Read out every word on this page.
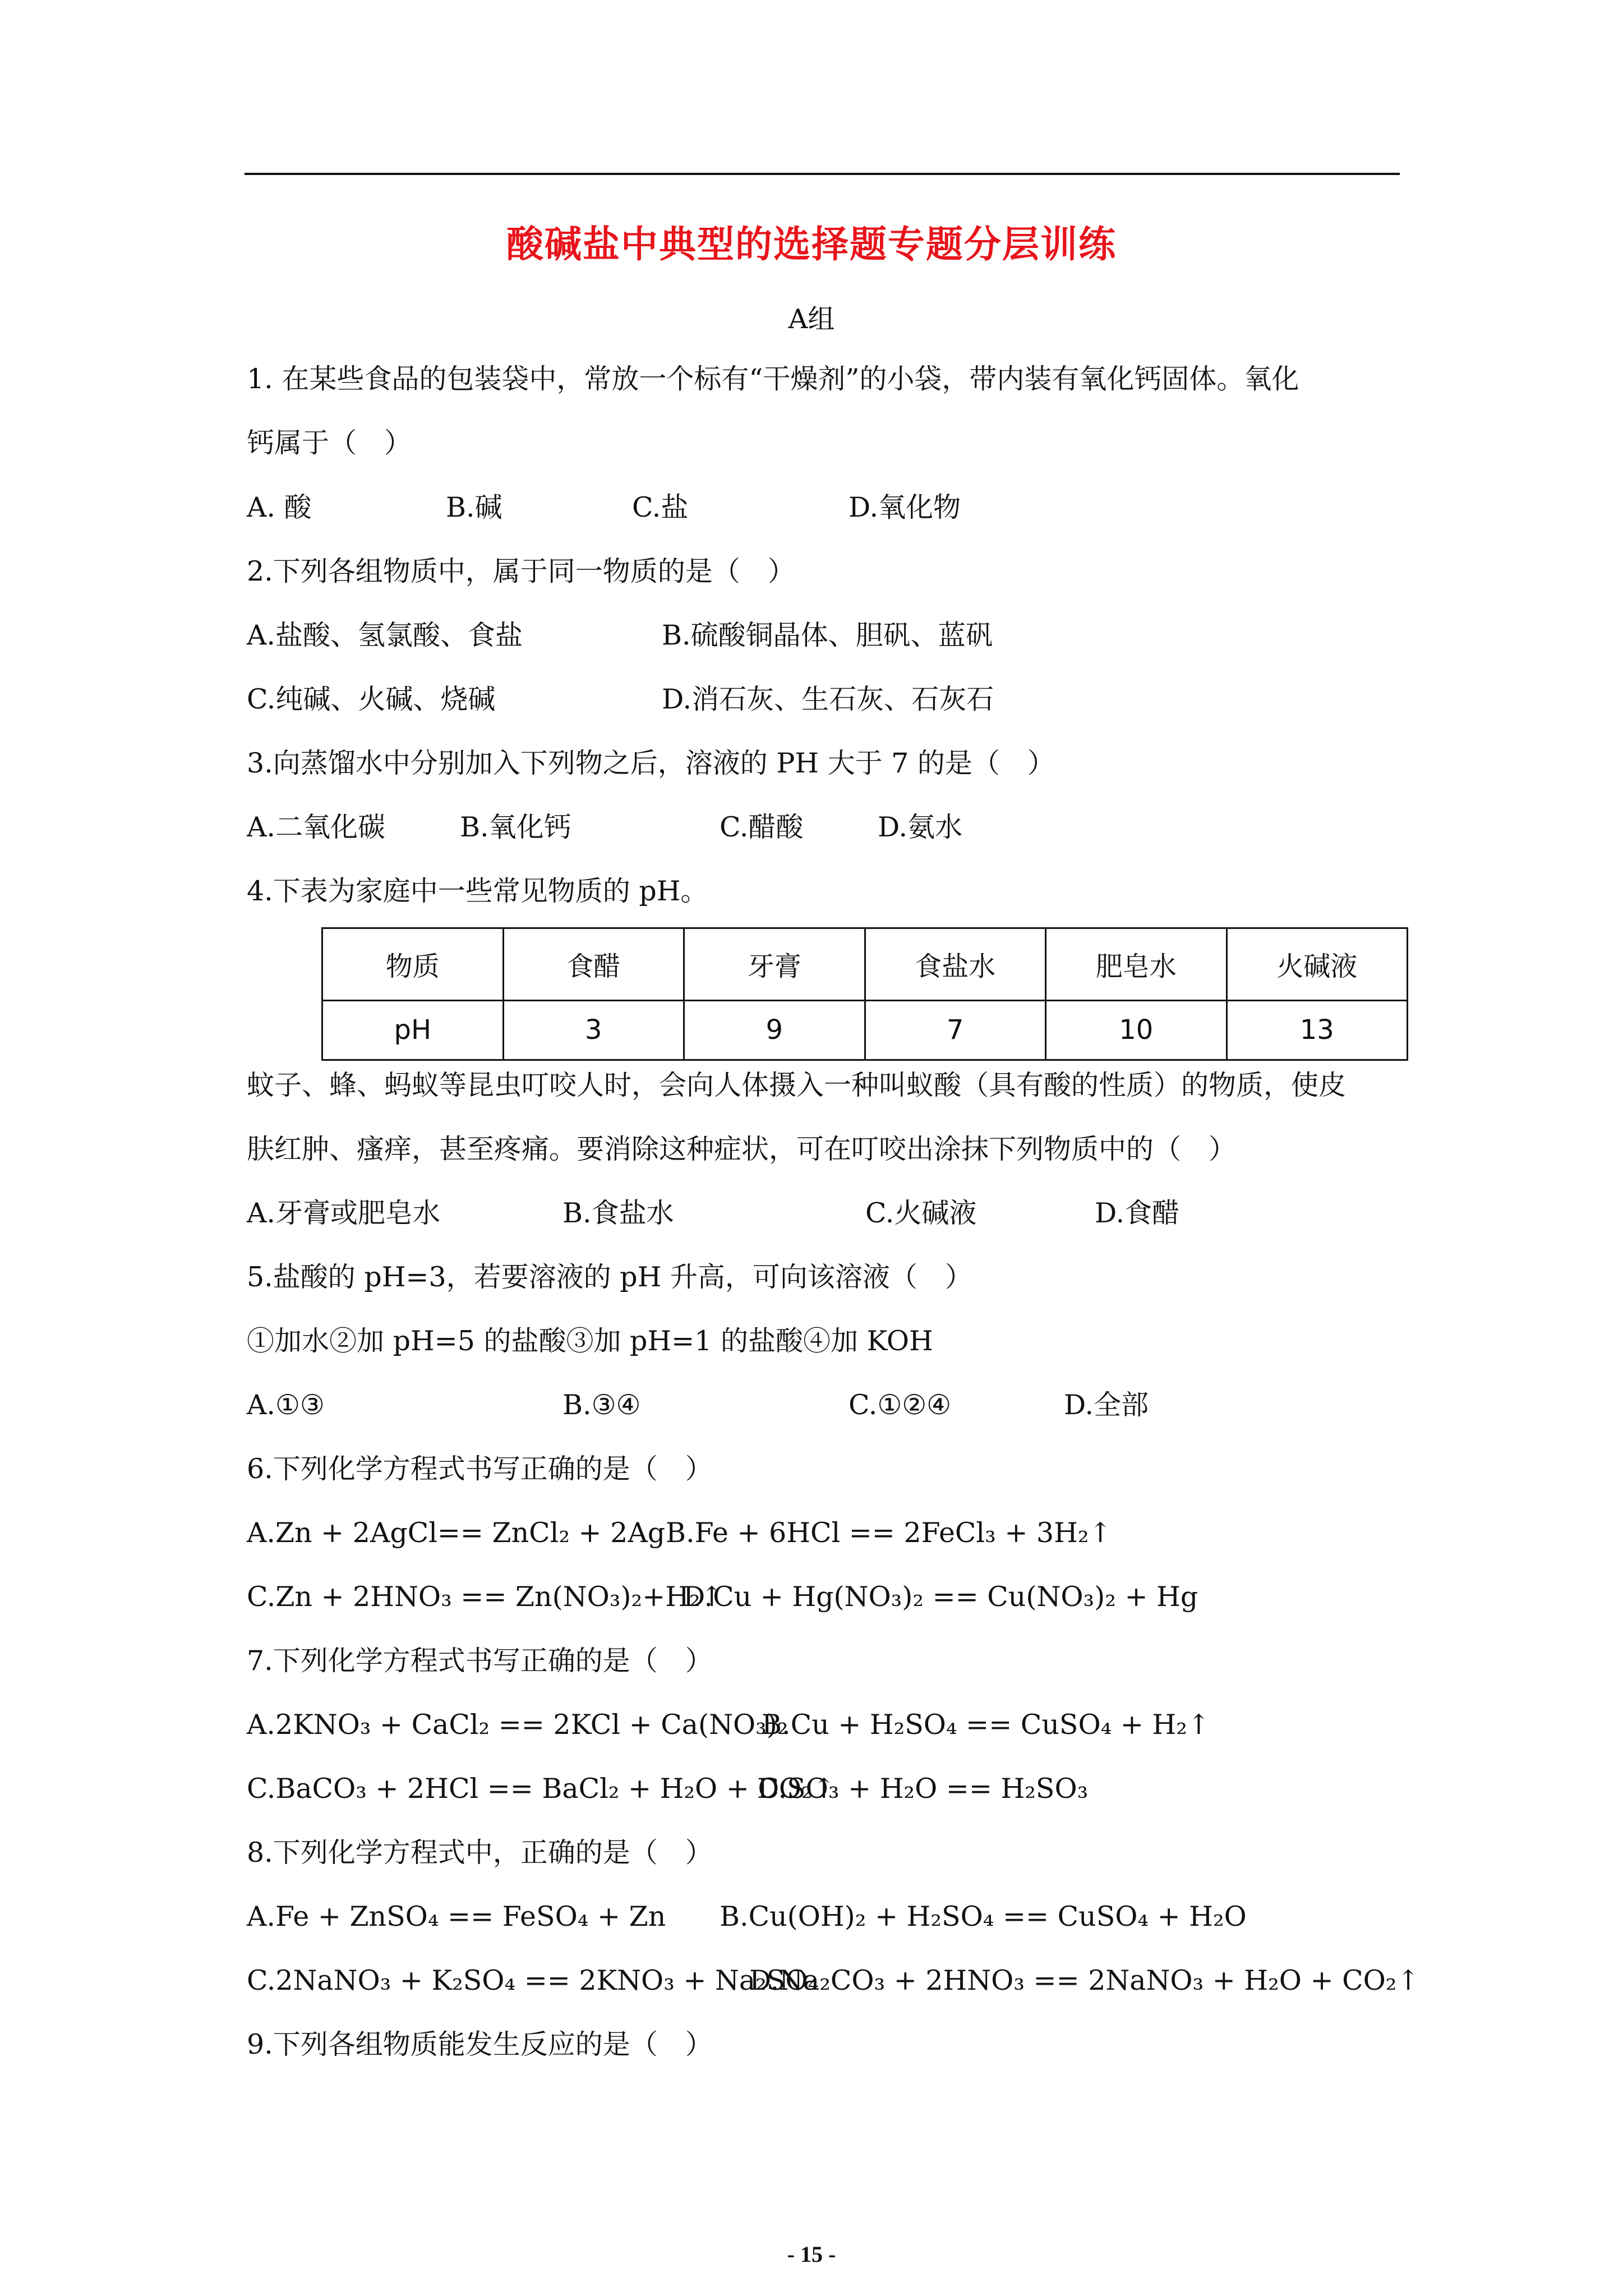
酸碱盐中典型的选择题专题分层训练
A组
1. 在某些食品的包装袋中，常放一个标有“干燥剂”的小袋，带内装有氧化钙固体。氧化
钙属于（　）
A. 酸	B.碱	C.盐	D.氧化物
2.下列各组物质中，属于同一物质的是（　）
A.盐酸、氢氯酸、食盐	B.硫酸铜晶体、胆矾、蓝矾
C.纯碱、火碱、烧碱	D.消石灰、生石灰、石灰石
3.向蒸馏水中分别加入下列物之后，溶液的 PH 大于 7 的是（　）
A.二氧化碳	B.氧化钙	C.醋酸	D.氨水
4.下表为家庭中一些常见物质的 pH。
物质	食醋	牙膏	食盐水	肥皂水	火碱液
pH	3	9	7	10	13
蚊子、蜂、蚂蚁等昆虫叮咬人时，会向人体摄入一种叫蚁酸（具有酸的性质）的物质，使皮
肤红肿、瘙痒，甚至疼痛。要消除这种症状，可在叮咬出涂抹下列物质中的（　）
A.牙膏或肥皂水	B.食盐水	C.火碱液	D.食醋
5.盐酸的 pH=3，若要溶液的 pH 升高，可向该溶液（　）
①加水②加 pH=5 的盐酸③加 pH=1 的盐酸④加 KOH
A.①③	B.③④	C.①②④	D.全部
6.下列化学方程式书写正确的是（　）
A.Zn + 2AgCl== ZnCl₂ + 2Ag B.Fe + 6HCl == 2FeCl₃ + 3H₂↑
C.Zn + 2HNO₃ == Zn(NO₃)₂+H₂↑
D.Cu + Hg(NO₃)₂ == Cu(NO₃)₂ + Hg
7.下列化学方程式书写正确的是（　）
A.2KNO₃ + CaCl₂ == 2KCl + Ca(NO₃)₂
B.Cu + H₂SO₄ == CuSO₄ + H₂↑
C.BaCO₃ + 2HCl == BaCl₂ + H₂O + CO₂↑
D.SO₃ + H₂O == H₂SO₃
8.下列化学方程式中，正确的是（　）
A.Fe + ZnSO₄ == FeSO₄ + Zn B.Cu(OH)₂ + H₂SO₄ == CuSO₄ + H₂O
C.2NaNO₃ + K₂SO₄ == 2KNO₃ + Na₂SO₄
D.Na₂CO₃ + 2HNO₃ == 2NaNO₃ + H₂O + CO₂↑
9.下列各组物质能发生反应的是（　）
- 15 -
